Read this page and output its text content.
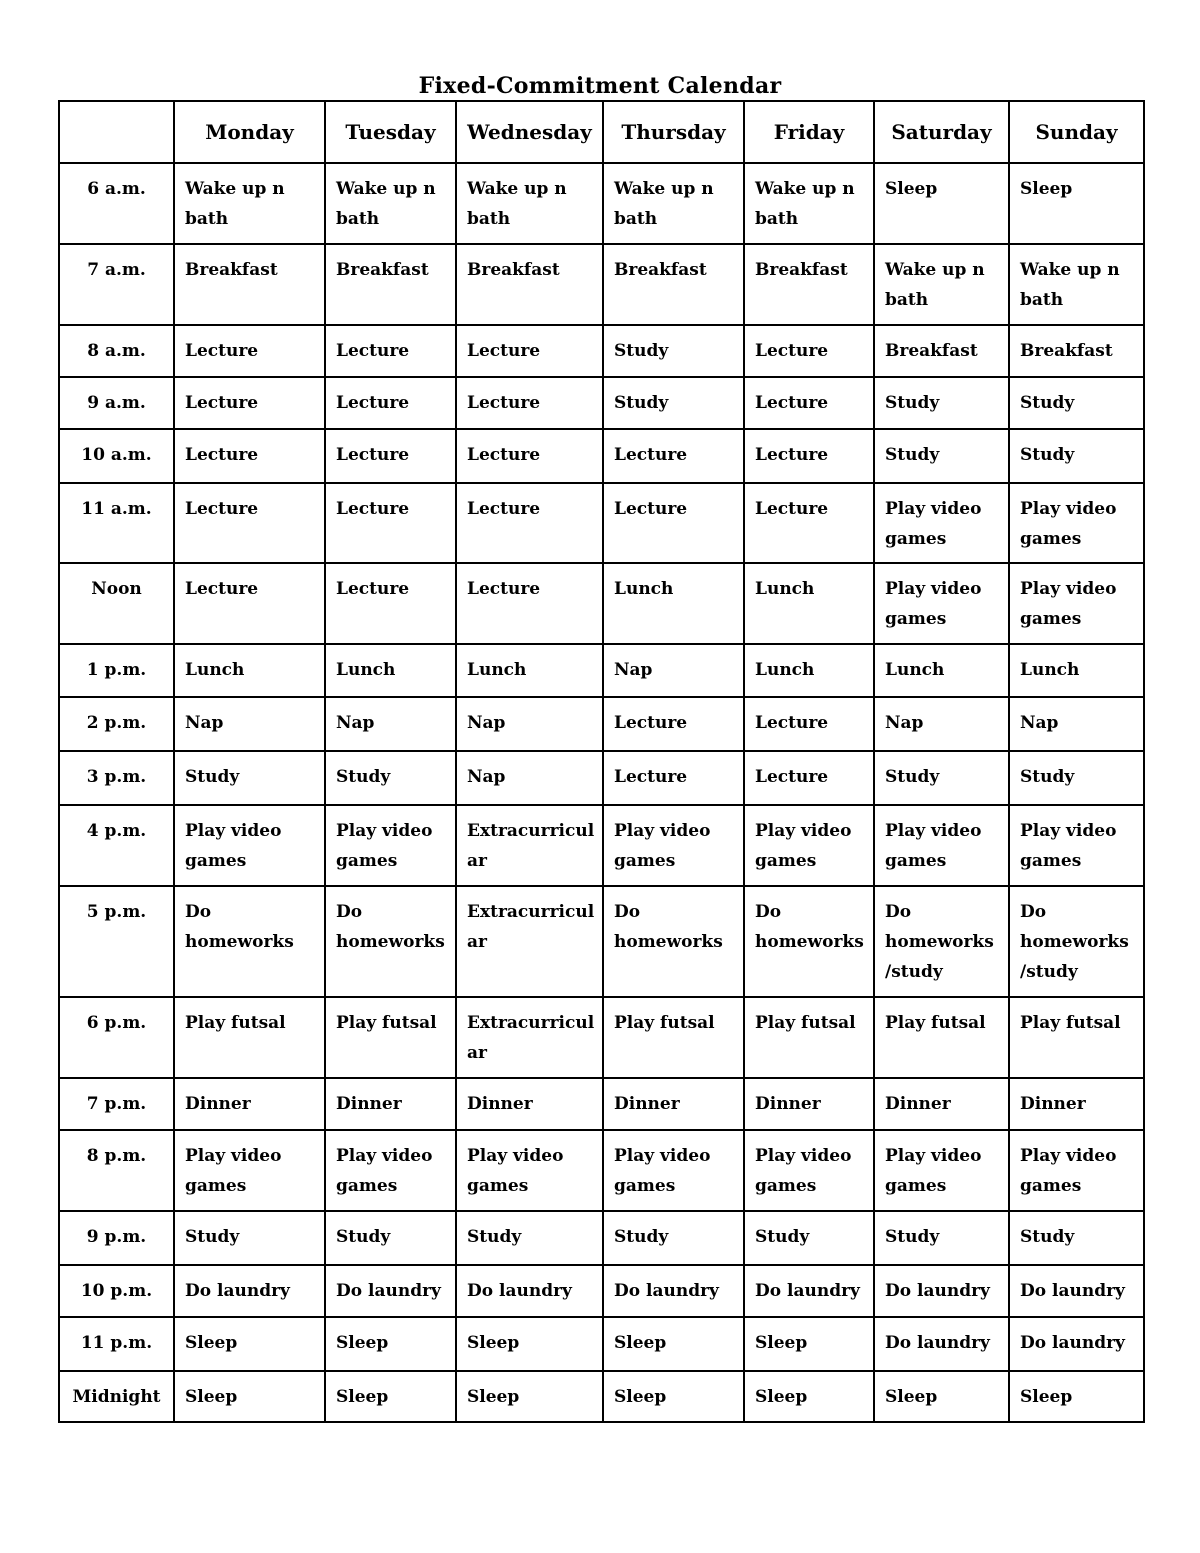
Fixed-Commitment Calendar
	Monday	Tuesday	Wednesday	Thursday	Friday	Saturday	Sunday
6 a.m.	Wake up n bath	Wake up n bath	Wake up n bath	Wake up n bath	Wake up n bath	Sleep	Sleep
7 a.m.	Breakfast	Breakfast	Breakfast	Breakfast	Breakfast	Wake up n bath	Wake up n bath
8 a.m.	Lecture	Lecture	Lecture	Study	Lecture	Breakfast	Breakfast
9 a.m.	Lecture	Lecture	Lecture	Study	Lecture	Study	Study
10 a.m.	Lecture	Lecture	Lecture	Lecture	Lecture	Study	Study
11 a.m.	Lecture	Lecture	Lecture	Lecture	Lecture	Play video games	Play video games
Noon	Lecture	Lecture	Lecture	Lunch	Lunch	Play video games	Play video games
1 p.m.	Lunch	Lunch	Lunch	Nap	Lunch	Lunch	Lunch
2 p.m.	Nap	Nap	Nap	Lecture	Lecture	Nap	Nap
3 p.m.	Study	Study	Nap	Lecture	Lecture	Study	Study
4 p.m.	Play video games	Play video games	Extracurricular	Play video games	Play video games	Play video games	Play video games
5 p.m.	Do homeworks	Do homeworks	Extracurricular	Do homeworks	Do homeworks	Do homeworks /study	Do homeworks /study
6 p.m.	Play futsal	Play futsal	Extracurricular	Play futsal	Play futsal	Play futsal	Play futsal
7 p.m.	Dinner	Dinner	Dinner	Dinner	Dinner	Dinner	Dinner
8 p.m.	Play video games	Play video games	Play video games	Play video games	Play video games	Play video games	Play video games
9 p.m.	Study	Study	Study	Study	Study	Study	Study
10 p.m.	Do laundry	Do laundry	Do laundry	Do laundry	Do laundry	Do laundry	Do laundry
11 p.m.	Sleep	Sleep	Sleep	Sleep	Sleep	Do laundry	Do laundry
Midnight	Sleep	Sleep	Sleep	Sleep	Sleep	Sleep	Sleep
